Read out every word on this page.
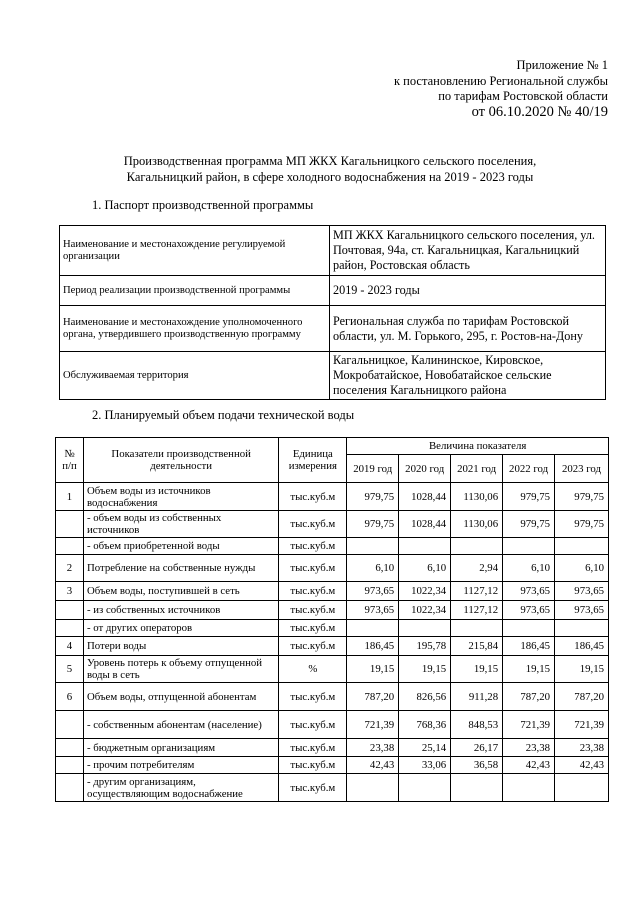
Приложение № 1
к постановлению Региональной службы
по тарифам Ростовской области
от 06.10.2020 № 40/19
Производственная программа МП ЖКХ Кагальницкого сельского поселения,
Кагальницкий район, в сфере холодного водоснабжения на 2019 - 2023 годы
1. Паспорт производственной программы
Наименование и местонахождение регулируемой организации	МП ЖКХ Кагальницкого сельского поселения, ул. Почтовая, 94а, ст. Кагальницкая, Кагальницкий район, Ростовская область
Период реализации производственной программы	2019 - 2023 годы
Наименование и местонахождение уполномоченного органа, утвердившего производственную программу	Региональная служба по тарифам Ростовской области, ул. М. Горького, 295, г. Ростов-на-Дону
Обслуживаемая территория	Кагальницкое, Калининское, Кировское, Мокробатайское, Новобатайское сельские поселения Кагальницкого района
2. Планируемый объем подачи технической воды
№ п/п	Показатели производственной деятельности	Единица измерения	Величина показателя				
			2019 год	2020 год	2021 год	2022 год	2023 год
1	Объем воды из источников водоснабжения	тыс.куб.м	979,75	1028,44	1130,06	979,75	979,75
	- объем воды из собственных источников	тыс.куб.м	979,75	1028,44	1130,06	979,75	979,75
	- объем приобретенной воды	тыс.куб.м					
2	Потребление на собственные нужды	тыс.куб.м	6,10	6,10	2,94	6,10	6,10
3	Объем воды, поступившей в сеть	тыс.куб.м	973,65	1022,34	1127,12	973,65	973,65
	- из собственных источников	тыс.куб.м	973,65	1022,34	1127,12	973,65	973,65
	- от других операторов	тыс.куб.м					
4	Потери воды	тыс.куб.м	186,45	195,78	215,84	186,45	186,45
5	Уровень потерь к объему отпущенной воды в сеть	%	19,15	19,15	19,15	19,15	19,15
6	Объем воды, отпущенной абонентам	тыс.куб.м	787,20	826,56	911,28	787,20	787,20
	- собственным абонентам (население)	тыс.куб.м	721,39	768,36	848,53	721,39	721,39
	- бюджетным организациям	тыс.куб.м	23,38	25,14	26,17	23,38	23,38
	- прочим потребителям	тыс.куб.м	42,43	33,06	36,58	42,43	42,43
	- другим организациям, осуществляющим водоснабжение	тыс.куб.м					
